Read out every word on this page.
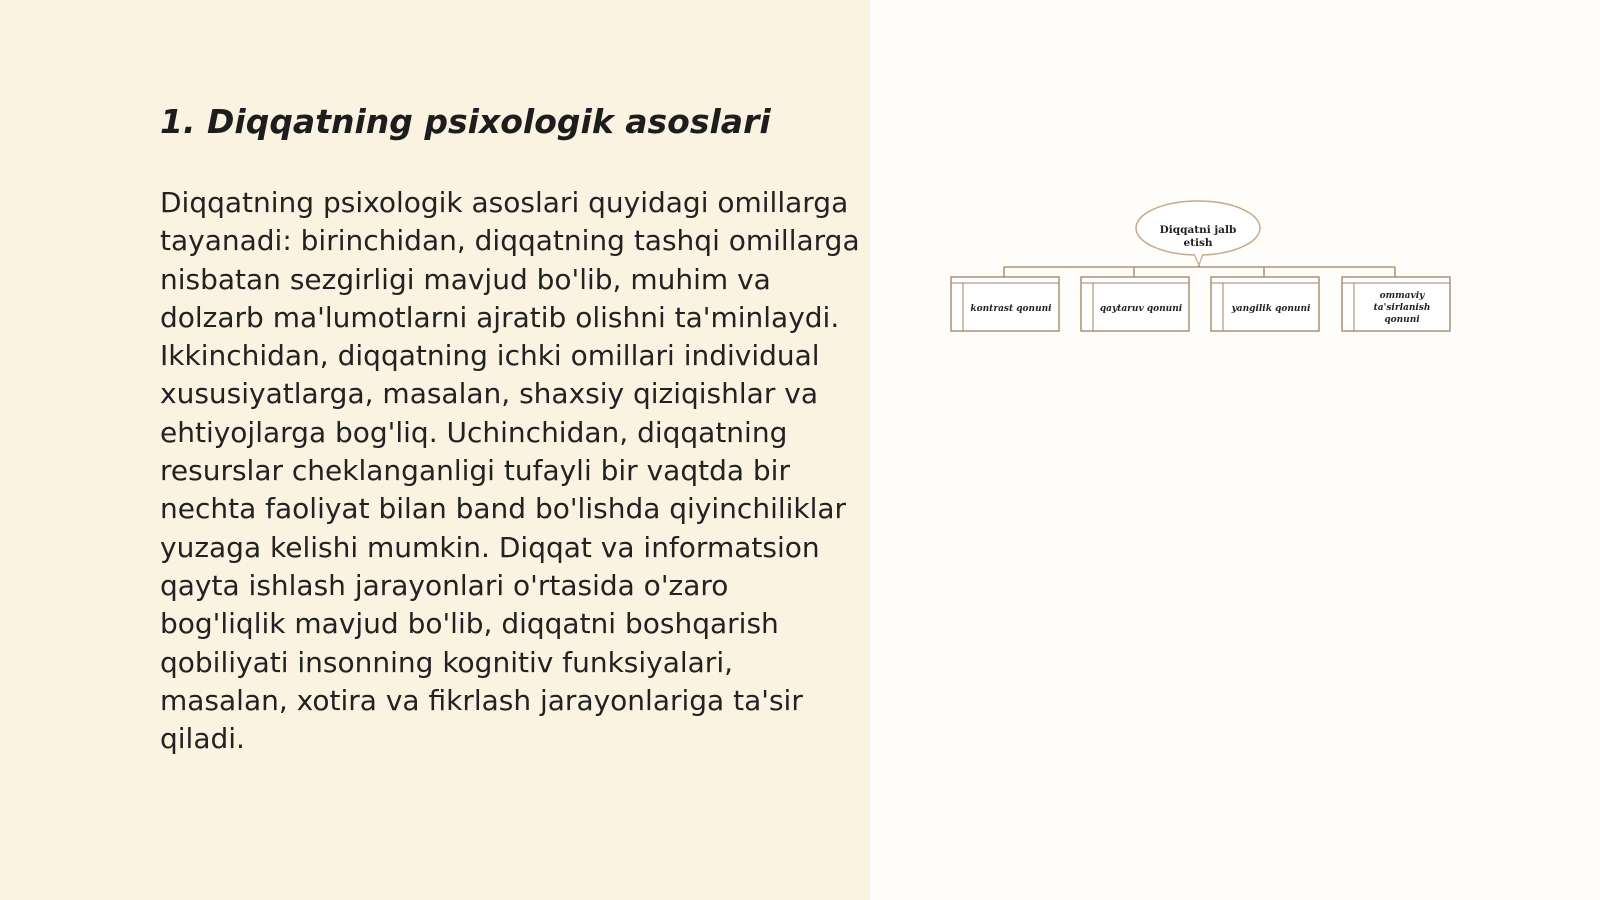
1. Diqqatning psixologik asoslari

Diqqatning psixologik asoslari quyidagi omillarga tayanadi: birinchidan, diqqatning tashqi omillarga nisbatan sezgirligi mavjud bo'lib, muhim va dolzarb ma'lumotlarni ajratib olishni ta'minlaydi. Ikkinchidan, diqqatning ichki omillari individual xususiyatlarga, masalan, shaxsiy qiziqishlar va ehtiyojlarga bog'liq. Uchinchidan, diqqatning resurslar cheklanganligi tufayli bir vaqtda bir nechta faoliyat bilan band bo'lishda qiyinchiliklar yuzaga kelishi mumkin. Diqqat va informatsion qayta ishlash jarayonlari o'rtasida o'zaro bog'liqlik mavjud bo'lib, diqqatni boshqarish qobiliyati insonning kognitiv funksiyalari, masalan, xotira va fikrlash jarayonlariga ta'sir qiladi.

Diqqatni jalb
etish
kontrast qonuni	qaytaruv qonuni	yangilik qonuni
ommaviy
ta'sirlanish
qonuni
